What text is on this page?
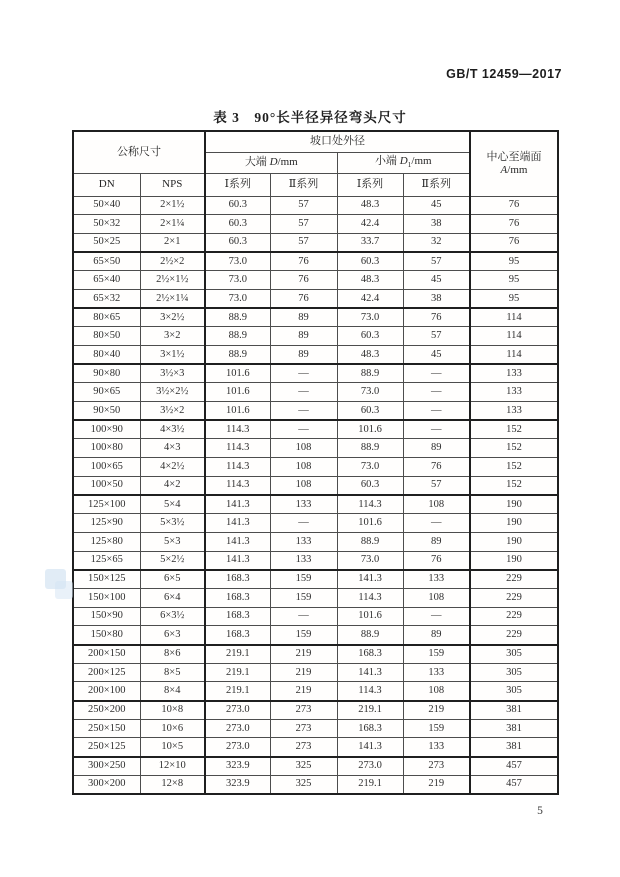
GB/T 12459—2017
表 3　90°长半径异径弯头尺寸
公称尺寸		坡口处外径				中心至端面
A/mm
		大端 D/mm		小端 $D_1/mm$		
DN	NPS	Ⅰ系列	Ⅱ系列	Ⅰ系列	Ⅱ系列	
50×40	2×1½	60.3	57	48.3	45	76
50×32	2×1¼	60.3	57	42.4	38	76
50×25	2×1	60.3	57	33.7	32	76
65×50	2½×2	73.0	76	60.3	57	95
65×40	2½×1½	73.0	76	48.3	45	95
65×32	2½×1¼	73.0	76	42.4	38	95
80×65	3×2½	88.9	89	73.0	76	114
80×50	3×2	88.9	89	60.3	57	114
80×40	3×1½	88.9	89	48.3	45	114
90×80	3½×3	101.6	—	88.9	—	133
90×65	3½×2½	101.6	—	73.0	—	133
90×50	3½×2	101.6	—	60.3	—	133
100×90	4×3½	114.3	—	101.6	—	152
100×80	4×3	114.3	108	88.9	89	152
100×65	4×2½	114.3	108	73.0	76	152
100×50	4×2	114.3	108	60.3	57	152
125×100	5×4	141.3	133	114.3	108	190
125×90	5×3½	141.3	—	101.6	—	190
125×80	5×3	141.3	133	88.9	89	190
125×65	5×2½	141.3	133	73.0	76	190
150×125	6×5	168.3	159	141.3	133	229
150×100	6×4	168.3	159	114.3	108	229
150×90	6×3½	168.3	—	101.6	—	229
150×80	6×3	168.3	159	88.9	89	229
200×150	8×6	219.1	219	168.3	159	305
200×125	8×5	219.1	219	141.3	133	305
200×100	8×4	219.1	219	114.3	108	305
250×200	10×8	273.0	273	219.1	219	381
250×150	10×6	273.0	273	168.3	159	381
250×125	10×5	273.0	273	141.3	133	381
300×250	12×10	323.9	325	273.0	273	457
300×200	12×8	323.9	325	219.1	219	457
5
